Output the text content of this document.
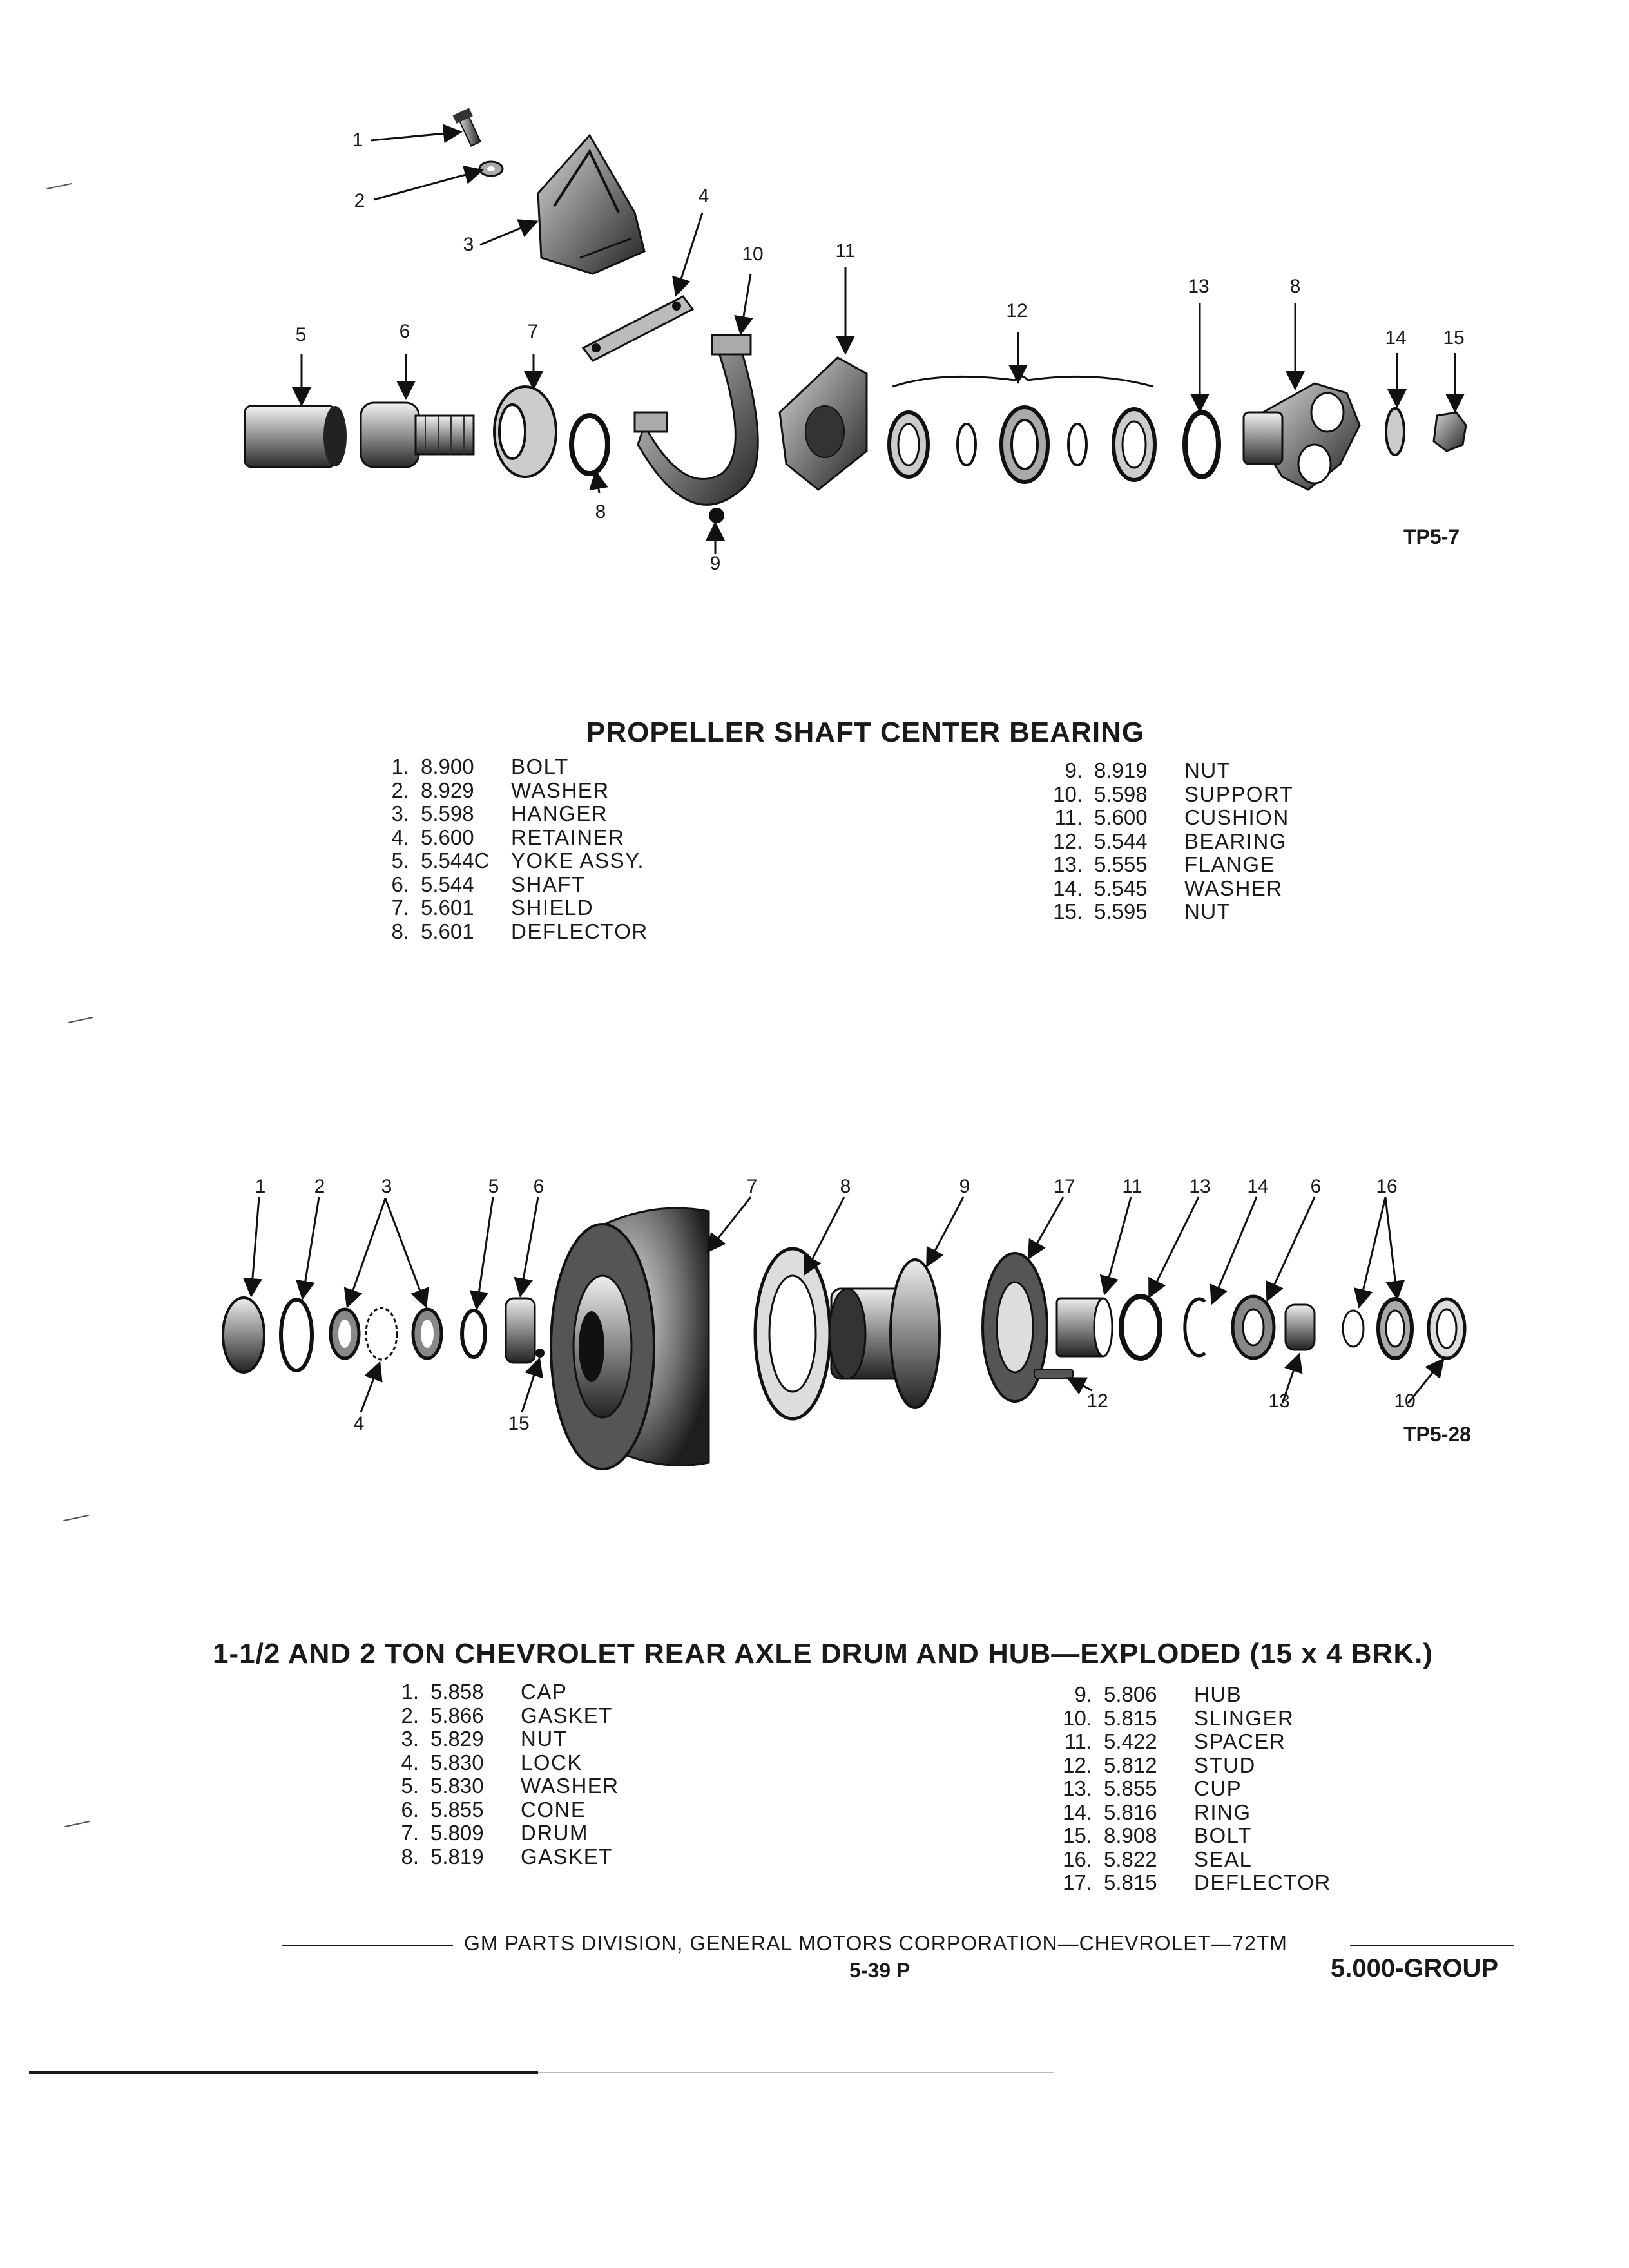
1
2
3
4
5	6	7
8
9
10	11
12
13	8
14 15
TP5-7
PROPELLER SHAFT CENTER BEARING
1. 8.900	BOLT
2. 8.929	WASHER
3. 5.598	HANGER
4. 5.600	RETAINER
5. 5.544C	YOKE ASSY.
6. 5.544	SHAFT
7. 5.601	SHIELD
8. 5.601	DEFLECTOR
9. 8.919	NUT
10. 5.598	SUPPORT
11. 5.600	CUSHION
12. 5.544	BEARING
13. 5.555	FLANGE
14. 5.545	WASHER
15. 5.595	NUT
1	2	3	5 6	7	8	9	17 11 13 14 6	16
4	15
12	13	10
TP5-28
1-1/2 AND 2 TON CHEVROLET REAR AXLE DRUM AND HUB—EXPLODED (15 x 4 BRK.)
1. 5.858	CAP
2. 5.866	GASKET
3. 5.829	NUT
4. 5.830	LOCK
5. 5.830	WASHER
6. 5.855	CONE
7. 5.809	DRUM
8. 5.819	GASKET
9. 5.806	HUB
10. 5.815	SLINGER
11. 5.422	SPACER
12. 5.812	STUD
13. 5.855	CUP
14. 5.816	RING
15. 8.908	BOLT
16. 5.822	SEAL
17. 5.815	DEFLECTOR
GM PARTS DIVISION, GENERAL MOTORS CORPORATION—CHEVROLET—72TM
5-39 P	5.000-GROUP
